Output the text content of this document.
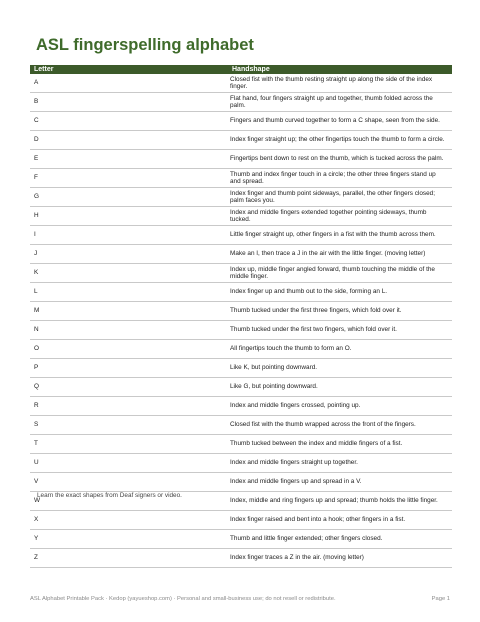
ASL fingerspelling alphabet
Letter	Handshape
A	Closed fist with the thumb resting straight up along the side of the index finger.
B	Flat hand, four fingers straight up and together, thumb folded across the palm.
C	Fingers and thumb curved together to form a C shape, seen from the side.
D	Index finger straight up; the other fingertips touch the thumb to form a circle.
E	Fingertips bent down to rest on the thumb, which is tucked across the palm.
F	Thumb and index finger touch in a circle; the other three fingers stand up and spread.
G	Index finger and thumb point sideways, parallel, the other fingers closed; palm faces you.
H	Index and middle fingers extended together pointing sideways, thumb tucked.
I	Little finger straight up, other fingers in a fist with the thumb across them.
J	Make an I, then trace a J in the air with the little finger. (moving letter)
K	Index up, middle finger angled forward, thumb touching the middle of the middle finger.
L	Index finger up and thumb out to the side, forming an L.
M	Thumb tucked under the first three fingers, which fold over it.
N	Thumb tucked under the first two fingers, which fold over it.
O	All fingertips touch the thumb to form an O.
P	Like K, but pointing downward.
Q	Like G, but pointing downward.
R	Index and middle fingers crossed, pointing up.
S	Closed fist with the thumb wrapped across the front of the fingers.
T	Thumb tucked between the index and middle fingers of a fist.
U	Index and middle fingers straight up together.
V	Index and middle fingers up and spread in a V.
W	Index, middle and ring fingers up and spread; thumb holds the little finger.
X	Index finger raised and bent into a hook; other fingers in a fist.
Y	Thumb and little finger extended; other fingers closed.
Z	Index finger traces a Z in the air. (moving letter)
Learn the exact shapes from Deaf signers or video.
ASL Alphabet Printable Pack · Kedop (yayueshop.com) · Personal and small-business use; do not resell or redistribute.	Page 1
